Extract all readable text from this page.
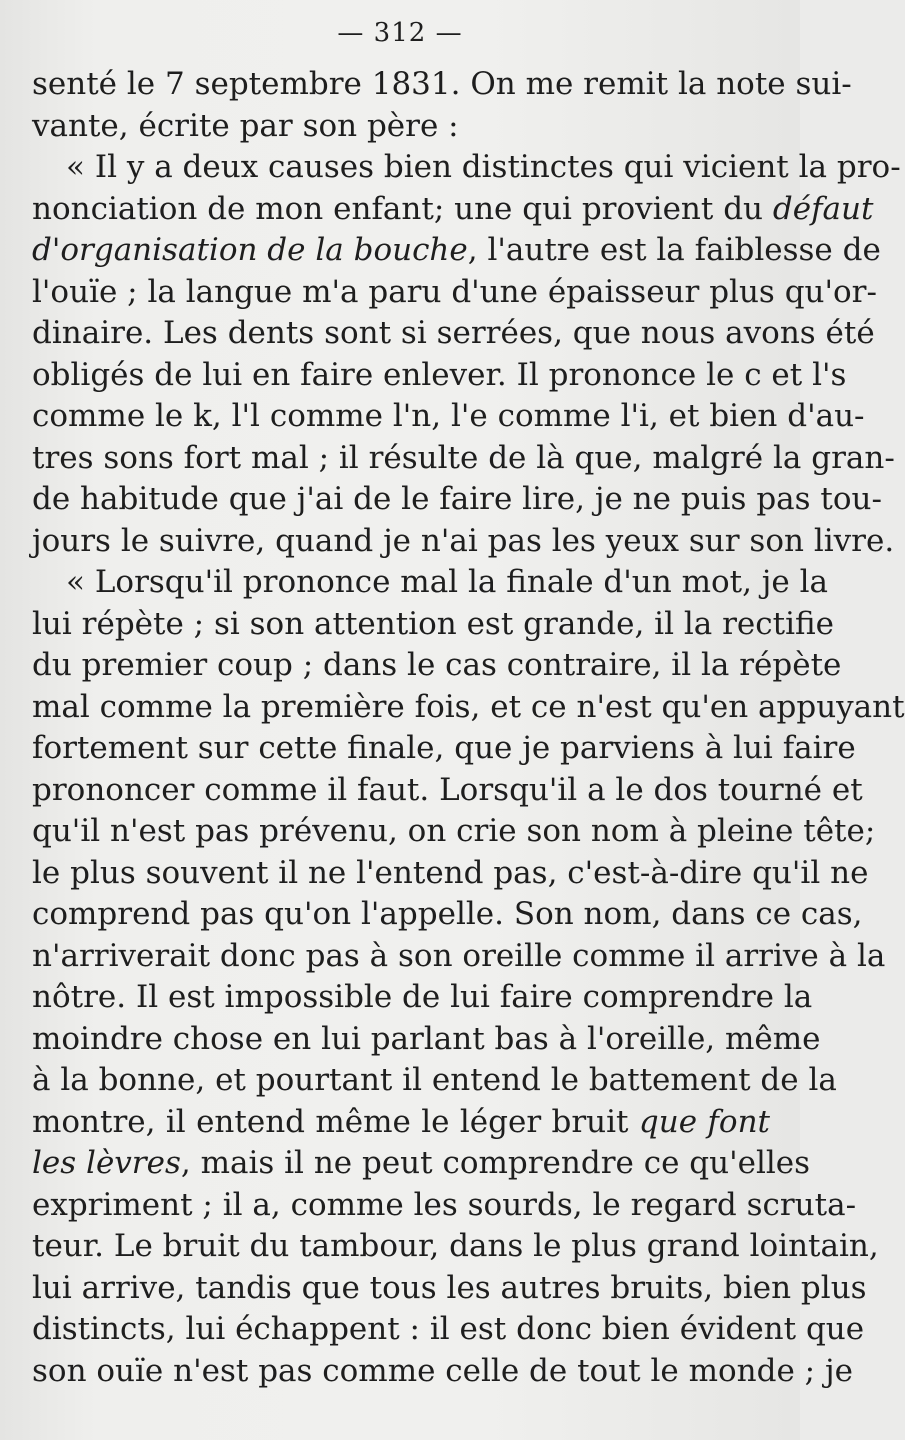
— 312 —
senté le 7 septembre 1831. On me remit la note sui-
vante, écrite par son père :
« Il y a deux causes bien distinctes qui vicient la pro-
nonciation de mon enfant; une qui provient du défaut
d'organisation de la bouche, l'autre est la faiblesse de
l'ouïe ; la langue m'a paru d'une épaisseur plus qu'or-
dinaire. Les dents sont si serrées, que nous avons été
obligés de lui en faire enlever. Il prononce le c et l's
comme le k, l'l comme l'n, l'e comme l'i, et bien d'au-
tres sons fort mal ; il résulte de là que, malgré la gran-
de habitude que j'ai de le faire lire, je ne puis pas tou-
jours le suivre, quand je n'ai pas les yeux sur son livre.
« Lorsqu'il prononce mal la finale d'un mot, je la
lui répète ; si son attention est grande, il la rectifie
du premier coup ; dans le cas contraire, il la répète
mal comme la première fois, et ce n'est qu'en appuyant
fortement sur cette finale, que je parviens à lui faire
prononcer comme il faut. Lorsqu'il a le dos tourné et
qu'il n'est pas prévenu, on crie son nom à pleine tête;
le plus souvent il ne l'entend pas, c'est-à-dire qu'il ne
comprend pas qu'on l'appelle. Son nom, dans ce cas,
n'arriverait donc pas à son oreille comme il arrive à la
nôtre. Il est impossible de lui faire comprendre la
moindre chose en lui parlant bas à l'oreille, même
à la bonne, et pourtant il entend le battement de la
montre, il entend même le léger bruit que font
les lèvres, mais il ne peut comprendre ce qu'elles
expriment ; il a, comme les sourds, le regard scruta-
teur. Le bruit du tambour, dans le plus grand lointain,
lui arrive, tandis que tous les autres bruits, bien plus
distincts, lui échappent : il est donc bien évident que
son ouïe n'est pas comme celle de tout le monde ; je
